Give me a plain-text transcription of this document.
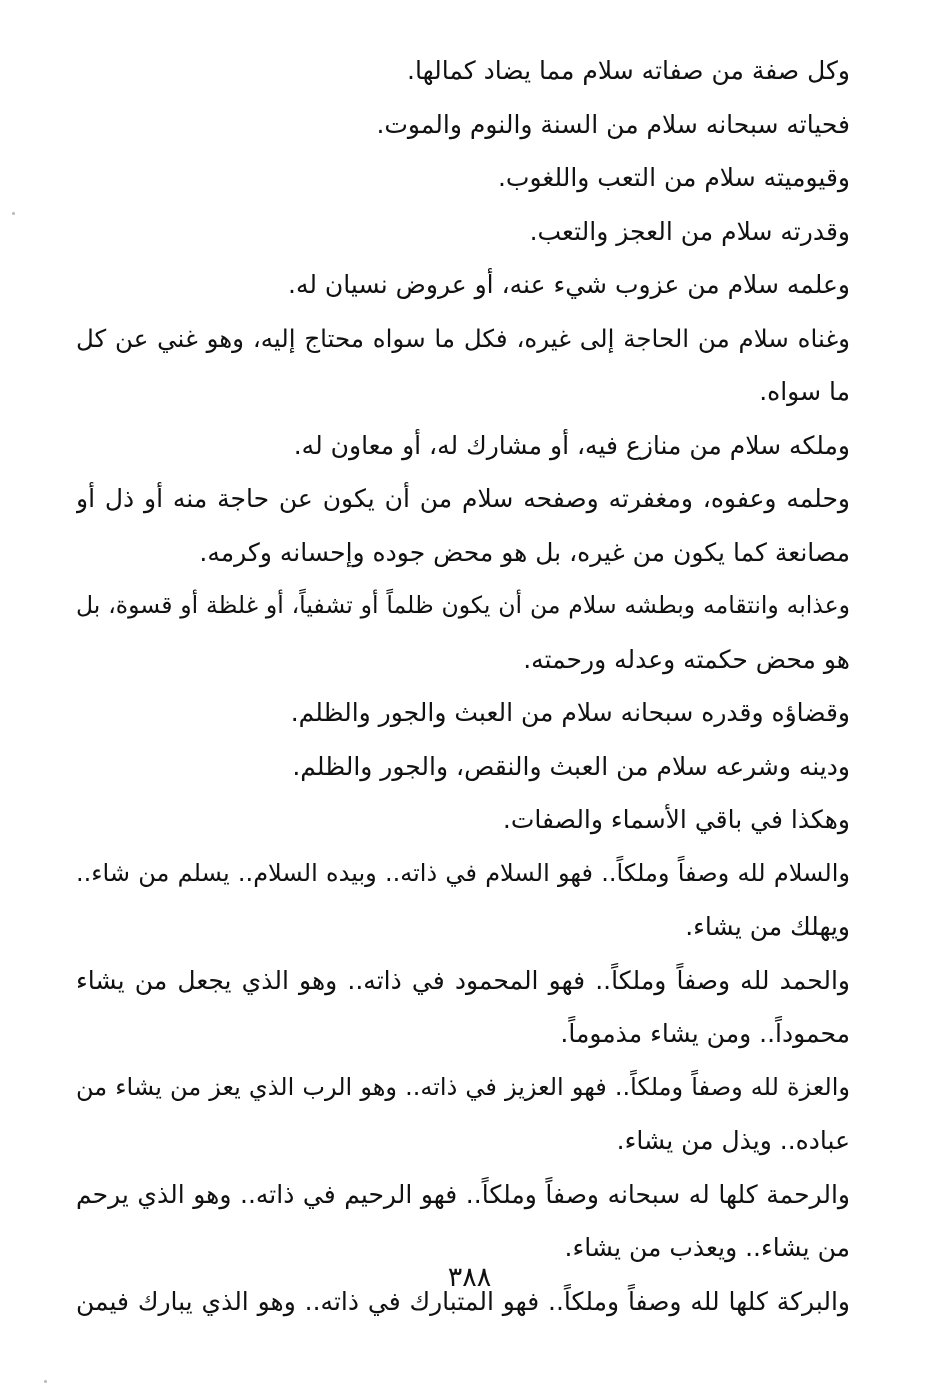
وكل صفة من صفاته سلام مما يضاد كمالها.
فحياته سبحانه سلام من السنة والنوم والموت.
وقيوميته سلام من التعب واللغوب.
وقدرته سلام من العجز والتعب.
وعلمه سلام من عزوب شيء عنه، أو عروض نسيان له.
وغناه سلام من الحاجة إلى غيره، فكل ما سواه محتاج إليه، وهو غني عن كل
ما سواه.
وملكه سلام من منازع فيه، أو مشارك له، أو معاون له.
وحلمه وعفوه، ومغفرته وصفحه سلام من أن يكون عن حاجة منه أو ذل أو
مصانعة كما يكون من غيره، بل هو محض جوده وإحسانه وكرمه.
وعذابه وانتقامه وبطشه سلام من أن يكون ظلماً أو تشفياً، أو غلظة أو قسوة، بل
هو محض حكمته وعدله ورحمته.
وقضاؤه وقدره سبحانه سلام من العبث والجور والظلم.
ودينه وشرعه سلام من العبث والنقص، والجور والظلم.
وهكذا في باقي الأسماء والصفات.
والسلام لله وصفاً وملكاً.. فهو السلام في ذاته.. وبيده السلام.. يسلم من شاء..
ويهلك من يشاء.
والحمد لله وصفاً وملكاً.. فهو المحمود في ذاته.. وهو الذي يجعل من يشاء
محموداً.. ومن يشاء مذموماً.
والعزة لله وصفاً وملكاً.. فهو العزيز في ذاته.. وهو الرب الذي يعز من يشاء من
عباده.. ويذل من يشاء.
والرحمة كلها له سبحانه وصفاً وملكاً.. فهو الرحيم في ذاته.. وهو الذي يرحم
من يشاء.. ويعذب من يشاء.
والبركة كلها لله وصفاً وملكاً.. فهو المتبارك في ذاته.. وهو الذي يبارك فيمن
٣٨٨
